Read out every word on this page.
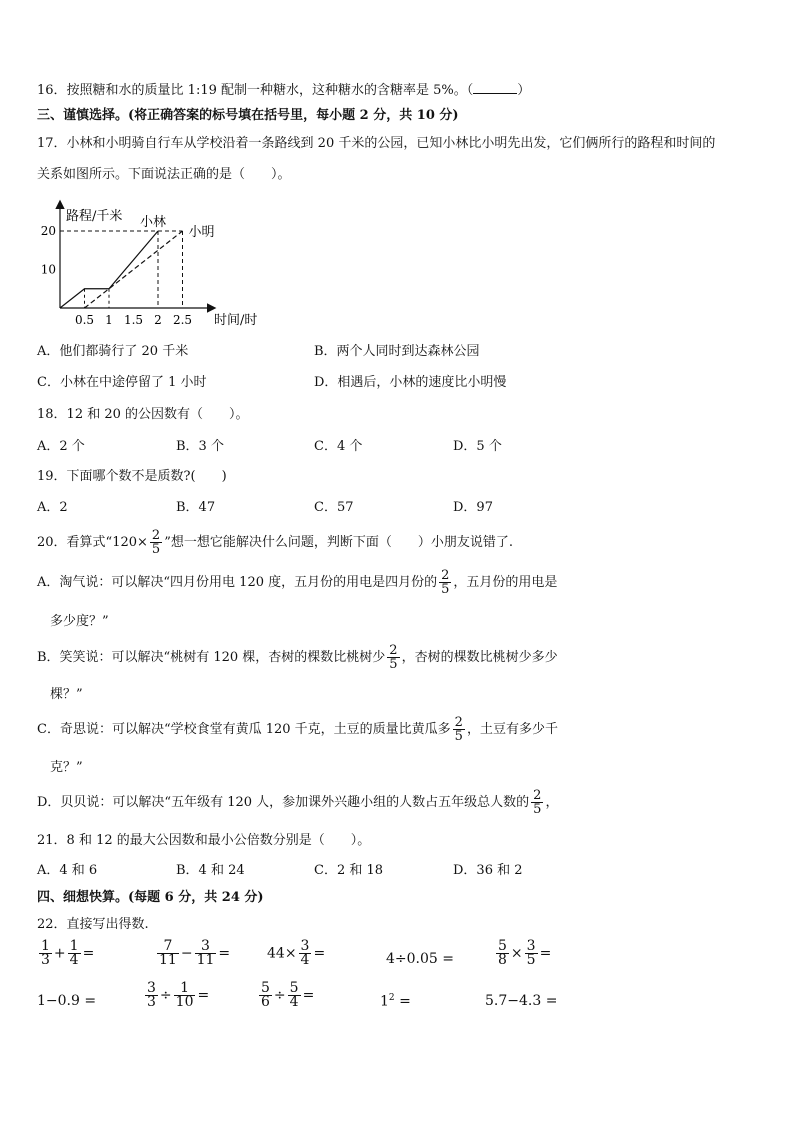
16．按照糖和水的质量比 1:19 配制一种糖水，这种糖水的含糖率是 5%。（	）
三、谨慎选择。(将正确答案的标号填在括号里，每小题 2 分，共 10 分)
17．小林和小明骑自行车从学校沿着一条路线到 20 千米的公园，已知小林比小明先出发，它们俩所行的路程和时间的
关系如图所示。下面说法正确的是（　　）。
路程/千米
时间/时
小林
小明
0.5 1 1.5 2 2.5
10
20
A．他们都骑行了 20 千米	B．两个人同时到达森林公园
C．小林在中途停留了 1 小时	D．相遇后，小林的速度比小明慢
18．12 和 20 的公因数有（　　）。
A．2 个	B．3 个	C．4 个	D．5 个
19．下面哪个数不是质数?(　　)
A．2	B．47	C．57	D．97
20．看算式“$120\times \frac{2}{5}$ ”想一想它能解决什么问题，判断下面（　　）小朋友说错了.
A．淘气说：可以解决“四月份用电 120 度，五月份的用电是四月份的 $\frac{2}{5}$ ，五月份的用电是
多少度？”
B．笑笑说：可以解决“桃树有 120 棵，杏树的棵数比桃树少 $\frac{2}{5}$ ，杏树的棵数比桃树少多少
棵？”
C．奇思说：可以解决“学校食堂有黄瓜 120 千克，土豆的质量比黄瓜多 $\frac{2}{5}$ ，土豆有多少千
克？”
D．贝贝说：可以解决“五年级有 120 人，参加课外兴趣小组的人数占五年级总人数的 $\frac{2}{5}$ ，
21．8 和 12 的最大公因数和最小公倍数分别是（　　）。
A．4 和 6	B．4 和 24	C．2 和 18	D．36 和 2
四、细想快算。(每题 6 分，共 24 分)
22．直接写出得数.
$\frac{1}{3} + \frac{1}{4}$ =	$\frac{7}{11} - \frac{3}{11}$ =	$44\times \frac{3}{4}$ =	4÷0.05 =	$\frac{5}{8} \times \frac{3}{5}$ =
1−0.9 =	$\frac{3}{3} \div \frac{1}{10}$ =	$\frac{5}{6} \div \frac{5}{4}$ =	$1^2$ =	5.7−4.3 =
